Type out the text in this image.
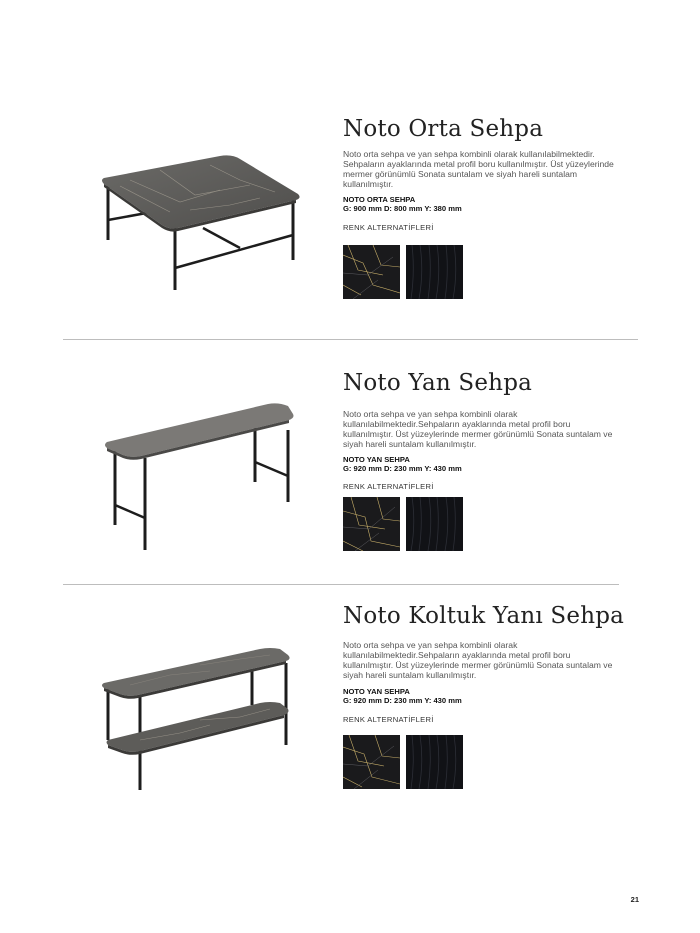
Noto Orta Sehpa

Noto orta sehpa ve yan sehpa kombinli olarak kullanılabilmektedir. Sehpaların ayaklarında metal profil boru kullanılmıştır. Üst yüzeylerinde mermer görünümlü Sonata suntalam ve siyah hareli suntalam kullanılmıştır.

NOTO ORTA SEHPA
G: 900 mm D: 800 mm Y: 380 mm
RENK ALTERNATİFLERİ
Noto Yan Sehpa

Noto orta sehpa ve yan sehpa kombinli olarak kullanılabilmektedir.Sehpaların ayaklarında metal profil boru kullanılmıştır. Üst yüzeylerinde mermer görünümlü Sonata suntalam ve siyah hareli suntalam kullanılmıştır.

NOTO YAN SEHPA
G: 920 mm D: 230 mm Y: 430 mm
RENK ALTERNATİFLERİ
Noto Koltuk Yanı Sehpa

Noto orta sehpa ve yan sehpa kombinli olarak kullanılabilmektedir.Sehpaların ayaklarında metal profil boru kullanılmıştır. Üst yüzeylerinde mermer görünümlü Sonata suntalam ve siyah hareli suntalam kullanılmıştır.

NOTO YAN SEHPA
G: 920 mm D: 230 mm Y: 430 mm
RENK ALTERNATİFLERİ
21
